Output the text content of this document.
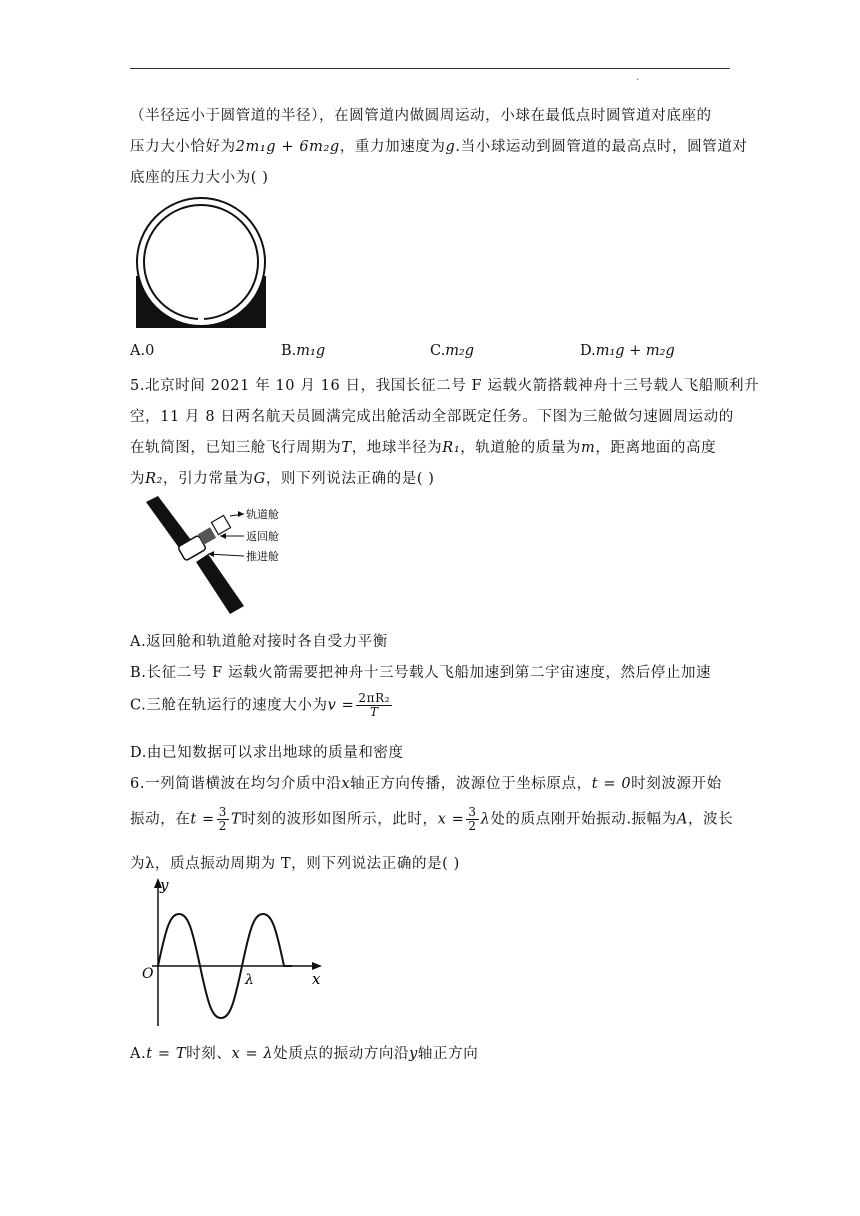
.
（半径远小于圆管道的半径），在圆管道内做圆周运动，小球在最低点时圆管道对底座的
压力大小恰好为2m₁g + 6m₂g，重力加速度为g.当小球运动到圆管道的最高点时，圆管道对
底座的压力大小为( )
A.0	B.m₁g	C.m₂g	D.m₁g + m₂g
5.北京时间 2021 年 10 月 16 日，我国长征二号 F 运载火箭搭载神舟十三号载人飞船顺利升
空，11 月 8 日两名航天员圆满完成出舱活动全部既定任务。下图为三舱做匀速圆周运动的
在轨简图，已知三舱飞行周期为T，地球半径为R₁，轨道舱的质量为m，距离地面的高度
为R₂，引力常量为G，则下列说法正确的是( )
轨道舱
返回舱
推进舱
A.返回舱和轨道舱对接时各自受力平衡
B.长征二号 F 运载火箭需要把神舟十三号载人飞船加速到第二宇宙速度，然后停止加速
C.三舱在轨运行的速度大小为$v = \frac{\text{2πR₂}}{T}$
D.由已知数据可以求出地球的质量和密度
6.一列简谐横波在均匀介质中沿x轴正方向传播，波源位于坐标原点，t = 0时刻波源开始
振动，在$t = \frac{3}{2}$ T时刻的波形如图所示，此时，$x = \frac{3}{2}$ λ处的质点刚开始振动.振幅为A，波长
为λ，质点振动周期为 T，则下列说法正确的是( )
y
x
O	λ
A.t = T时刻、x = λ处质点的振动方向沿y轴正方向
